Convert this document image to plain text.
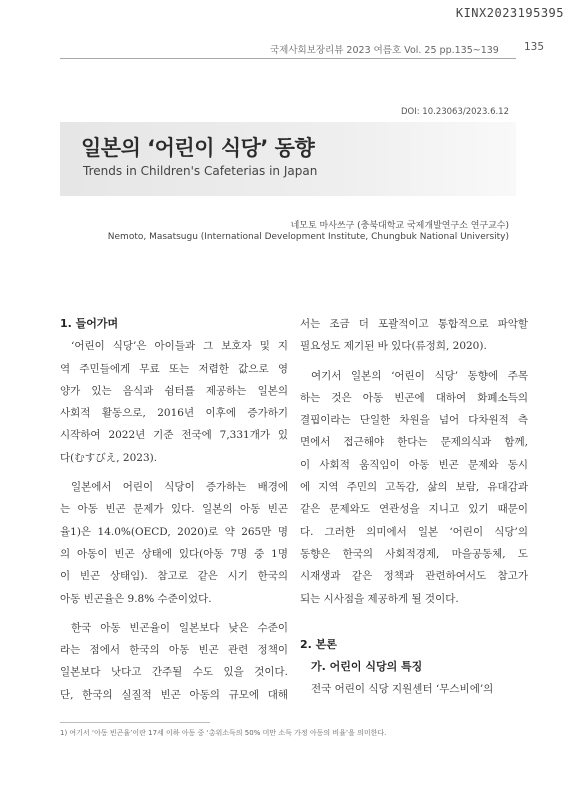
KINX2023195395
국제사회보장리뷰 2023 여름호 Vol. 25 pp.135~139 135
DOI: 10.23063/2023.6.12
일본의 ‘어린이 식당’ 동향
Trends in Children's Cafeterias in Japan
네모토 마사쓰구 (충북대학교 국제개발연구소 연구교수)
Nemoto, Masatsugu (International Development Institute, Chungbuk National University)
1. 들어가며
‘어린이 식당’은 아이들과 그 보호자 및 지
역 주민들에게 무료 또는 저렴한 값으로 영
양가 있는 음식과 쉼터를 제공하는 일본의
사회적 활동으로, 2016년 이후에 증가하기
시작하여 2022년 기준 전국에 7,331개가 있
다(むすびえ, 2023).
일본에서 어린이 식당이 증가하는 배경에
는 아동 빈곤 문제가 있다. 일본의 아동 빈곤
율1)은 14.0%(OECD, 2020)로 약 265만 명
의 아동이 빈곤 상태에 있다(아동 7명 중 1명
이 빈곤 상태임). 참고로 같은 시기 한국의
아동 빈곤율은 9.8% 수준이었다.
한국 아동 빈곤율이 일본보다 낮은 수준이
라는 점에서 한국의 아동 빈곤 관련 정책이
일본보다 낫다고 간주될 수도 있을 것이다.
단, 한국의 실질적 빈곤 아동의 규모에 대해
서는 조금 더 포괄적이고 통합적으로 파악할
필요성도 제기된 바 있다(류정희, 2020).
여기서 일본의 ‘어린이 식당’ 동향에 주목
하는 것은 아동 빈곤에 대하여 화폐소득의
결핍이라는 단일한 차원을 넘어 다차원적 측
면에서 접근해야 한다는 문제의식과 함께,
이 사회적 움직임이 아동 빈곤 문제와 동시
에 지역 주민의 고독감, 삶의 보람, 유대감과
같은 문제와도 연관성을 지니고 있기 때문이
다. 그러한 의미에서 일본 ‘어린이 식당’의
동향은 한국의 사회적경제, 마을공동체, 도
시재생과 같은 정책과 관련하여서도 참고가
되는 시사점을 제공하게 될 것이다.
2. 본론
가. 어린이 식당의 특징
전국 어린이 식당 지원센터 ‘무스비에’의
1) 여기서 ‘아동 빈곤율’이란 17세 이하 아동 중 ‘총위소득의 50% 미만 소득 가정 아동의 비율’을 의미한다.
